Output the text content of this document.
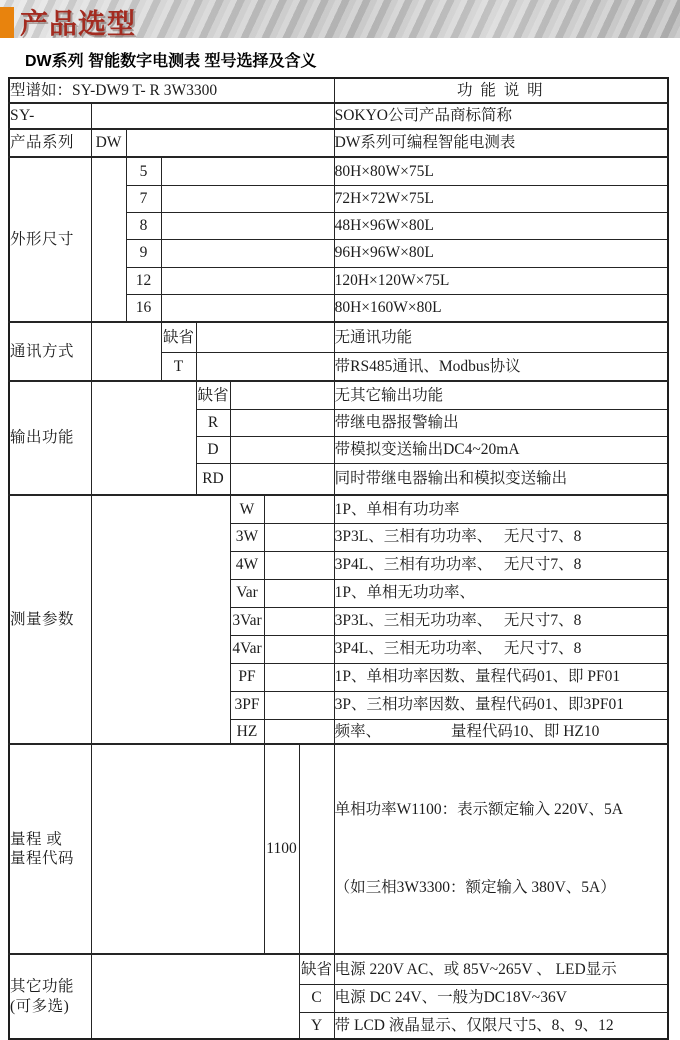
产品选型
DW系列 智能数字电测表 型号选择及含义
型谱如：SY-DW9 T- R 3W3300								功 能 说 明
SY-								SOKYO公司产品商标简称
产品系列	DW							DW系列可编程智能电测表
外形尺寸		5						80H×80W×75L
		7						72H×72W×75L
		8						48H×96W×80L
		9						96H×96W×80L
		12						120H×120W×75L
		16						80H×160W×80L
通讯方式			缺省					无通讯功能
			T					带RS485通讯、Modbus协议
输出功能				缺省				无其它输出功能
				R				带继电器报警输出
				D				带模拟变送输出DC4~20mA
				RD				同时带继电器输出和模拟变送输出
测量参数					W			1P、单相有功功率
					3W			3P3L、三相有功功率、　 无尺寸7、8
					4W			3P4L、三相有功功率、　 无尺寸7、8
					Var			1P、单相无功功率、
					3Var			3P3L、三相无功功率、　 无尺寸7、8
					4Var			3P4L、三相无功功率、　 无尺寸7、8
					PF			1P、单相功率因数、量程代码01、即 PF01
					3PF			3P、三相功率因数、量程代码01、即3PF01
					HZ			频率、　　　　　量程代码10、即 HZ10

量程 或
量程代码						1100		单相功率W1100：表示额定输入 220V、5A

（如三相3W3300：额定输入 380V、5A）

其它功能
(可多选)							缺省	电源 220V AC、或 85V~265V 、 LED显示
							C	电源 DC 24V、一般为DC18V~36V
							Y	带 LCD 液晶显示、仅限尺寸5、8、9、12
